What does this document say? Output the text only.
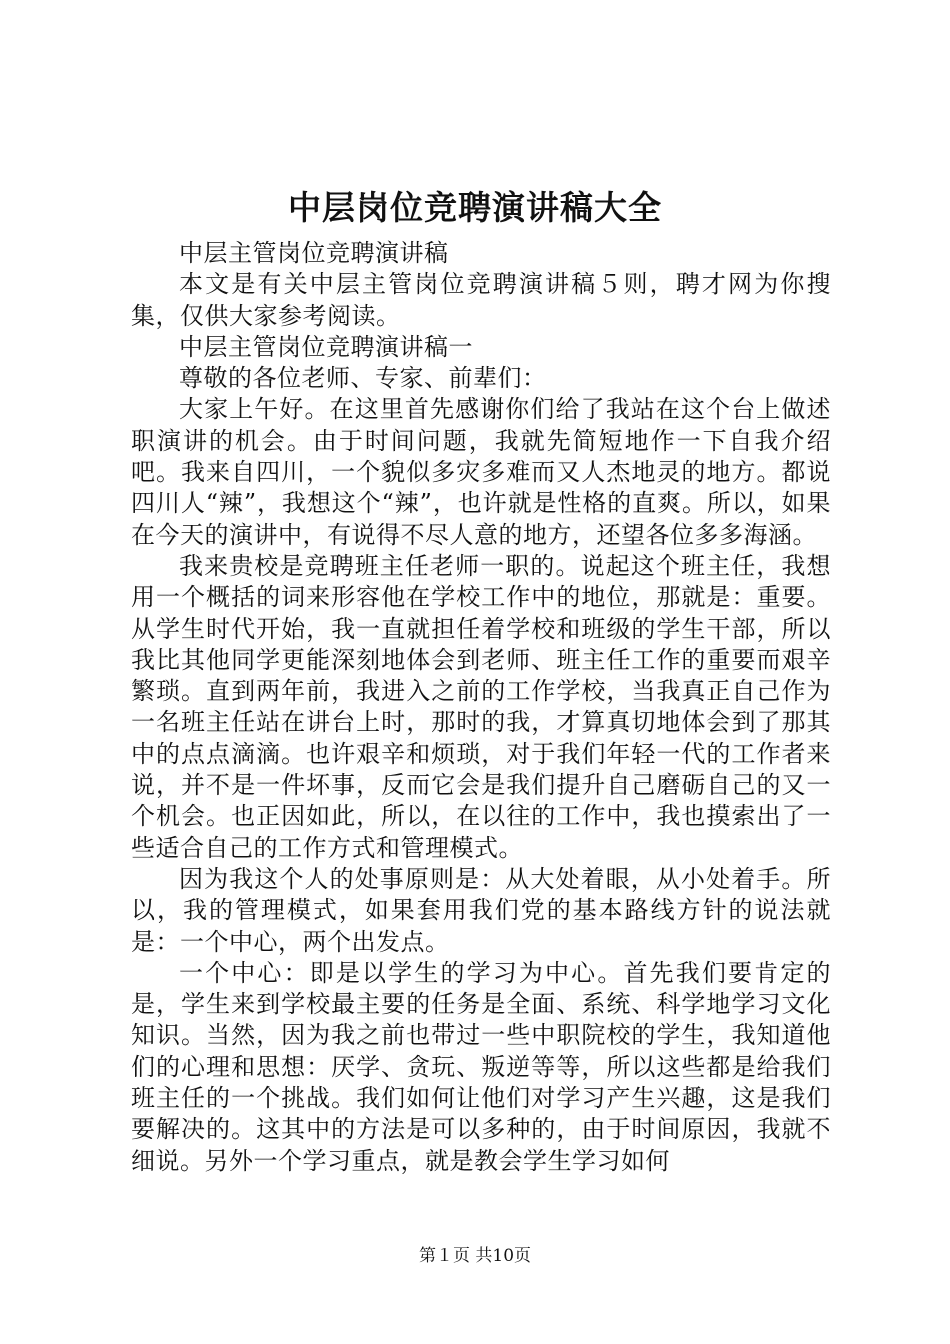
中层岗位竞聘演讲稿大全

中层主管岗位竞聘演讲稿

本文是有关中层主管岗位竞聘演讲稿５则，聘才网为你搜集，仅供大家参考阅读。

中层主管岗位竞聘演讲稿一

尊敬的各位老师、专家、前辈们：

大家上午好。在这里首先感谢你们给了我站在这个台上做述职演讲的机会。由于时间问题，我就先简短地作一下自我介绍吧。我来自四川，一个貌似多灾多难而又人杰地灵的地方。都说四川人“辣”，我想这个“辣”，也许就是性格的直爽。所以，如果在今天的演讲中，有说得不尽人意的地方，还望各位多多海涵。

我来贵校是竞聘班主任老师一职的。说起这个班主任，我想用一个概括的词来形容他在学校工作中的地位，那就是：重要。从学生时代开始，我一直就担任着学校和班级的学生干部，所以我比其他同学更能深刻地体会到老师、班主任工作的重要而艰辛繁琐。直到两年前，我进入之前的工作学校，当我真正自己作为一名班主任站在讲台上时，那时的我，才算真切地体会到了那其中的点点滴滴。也许艰辛和烦琐，对于我们年轻一代的工作者来说，并不是一件坏事，反而它会是我们提升自己磨砺自己的又一个机会。也正因如此，所以，在以往的工作中，我也摸索出了一些适合自己的工作方式和管理模式。

因为我这个人的处事原则是：从大处着眼，从小处着手。所以，我的管理模式，如果套用我们党的基本路线方针的说法就是：一个中心，两个出发点。

一个中心：即是以学生的学习为中心。首先我们要肯定的是，学生来到学校最主要的任务是全面、系统、科学地学习文化知识。当然，因为我之前也带过一些中职院校的学生，我知道他们的心理和思想：厌学、贪玩、叛逆等等，所以这些都是给我们班主任的一个挑战。我们如何让他们对学习产生兴趣，这是我们要解决的。这其中的方法是可以多种的，由于时间原因，我就不细说。另外一个学习重点，就是教会学生学习如何

第１页 共10页
